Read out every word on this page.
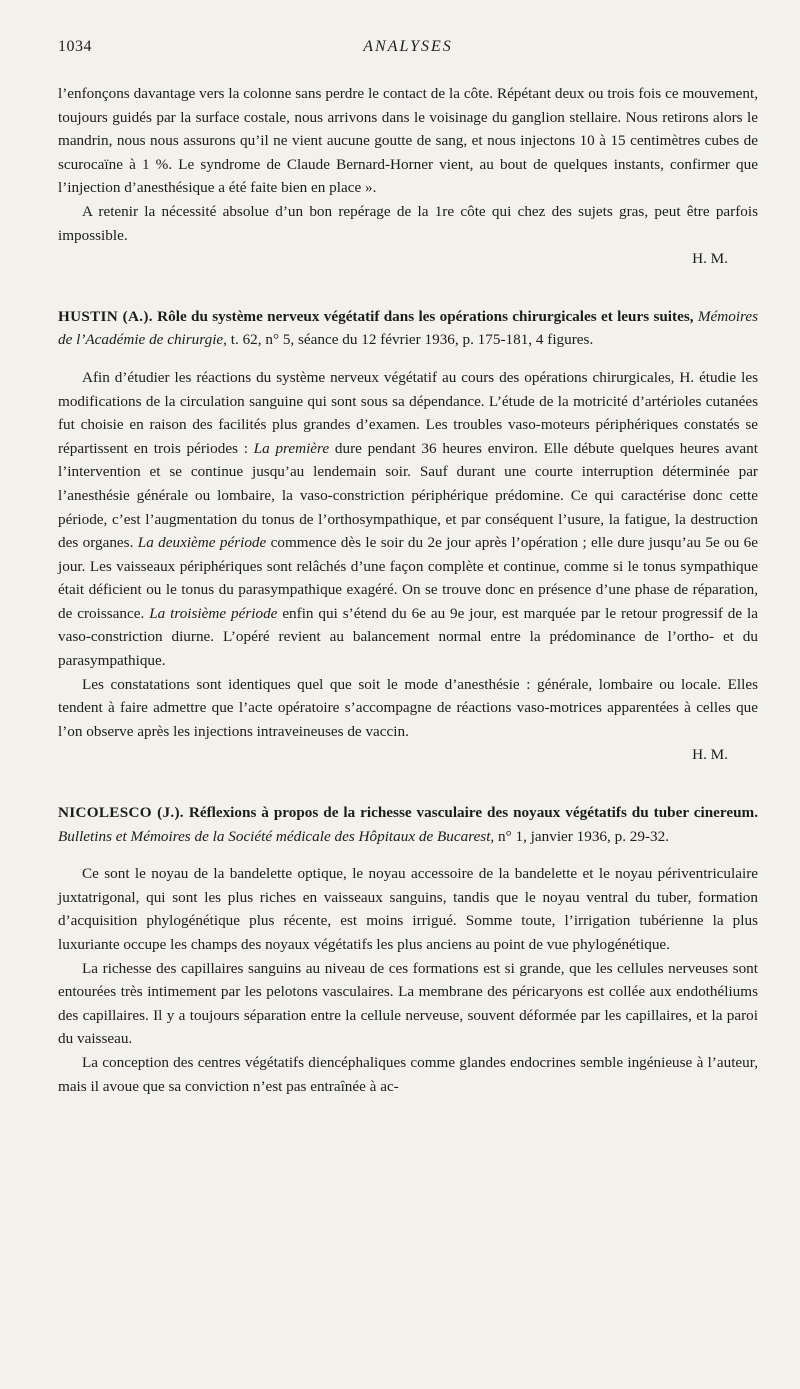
1034	ANALYSES

l’enfonçons davantage vers la colonne sans perdre le contact de la côte. Répétant deux ou trois fois ce mouvement, toujours guidés par la surface costale, nous arrivons dans le voisinage du ganglion stellaire. Nous retirons alors le mandrin, nous nous assurons qu’il ne vient aucune goutte de sang, et nous injectons 10 à 15 centimètres cubes de scurocaïne à 1 %. Le syndrome de Claude Bernard-Horner vient, au bout de quelques instants, confirmer que l’injection d’anesthésique a été faite bien en place ».

A retenir la nécessité absolue d’un bon repérage de la 1re côte qui chez des sujets gras, peut être parfois impossible.
H. M.

HUSTIN (A.). Rôle du système nerveux végétatif dans les opérations chirurgicales et leurs suites, Mémoires de l’Académie de chirurgie, t. 62, n° 5, séance du 12 février 1936, p. 175-181, 4 figures.

Afin d’étudier les réactions du système nerveux végétatif au cours des opérations chirurgicales, H. étudie les modifications de la circulation sanguine qui sont sous sa dépendance. L’étude de la motricité d’artérioles cutanées fut choisie en raison des facilités plus grandes d’examen. Les troubles vaso-moteurs périphériques constatés se répartissent en trois périodes : La première dure pendant 36 heures environ. Elle débute quelques heures avant l’intervention et se continue jusqu’au lendemain soir. Sauf durant une courte interruption déterminée par l’anesthésie générale ou lombaire, la vaso-constriction périphérique prédomine. Ce qui caractérise donc cette période, c’est l’augmentation du tonus de l’orthosympathique, et par conséquent l’usure, la fatigue, la destruction des organes. La deuxième période commence dès le soir du 2e jour après l’opération ; elle dure jusqu’au 5e ou 6e jour. Les vaisseaux périphériques sont relâchés d’une façon complète et continue, comme si le tonus sympathique était déficient ou le tonus du parasympathique exagéré. On se trouve donc en présence d’une phase de réparation, de croissance. La troisième période enfin qui s’étend du 6e au 9e jour, est marquée par le retour progressif de la vaso-constriction diurne. L’opéré revient au balancement normal entre la prédominance de l’ortho- et du parasympathique.

Les constatations sont identiques quel que soit le mode d’anesthésie : générale, lombaire ou locale. Elles tendent à faire admettre que l’acte opératoire s’accompagne de réactions vaso-motrices apparentées à celles que l’on observe après les injections intraveineuses de vaccin.
H. M.

NICOLESCO (J.). Réflexions à propos de la richesse vasculaire des noyaux végétatifs du tuber cinereum. Bulletins et Mémoires de la Société médicale des Hôpitaux de Bucarest, n° 1, janvier 1936, p. 29-32.

Ce sont le noyau de la bandelette optique, le noyau accessoire de la bandelette et le noyau périventriculaire juxtatrigonal, qui sont les plus riches en vaisseaux sanguins, tandis que le noyau ventral du tuber, formation d’acquisition phylogénétique plus récente, est moins irrigué. Somme toute, l’irrigation tubérienne la plus luxuriante occupe les champs des noyaux végétatifs les plus anciens au point de vue phylogénétique.

La richesse des capillaires sanguins au niveau de ces formations est si grande, que les cellules nerveuses sont entourées très intimement par les pelotons vasculaires. La membrane des péricaryons est collée aux endothéliums des capillaires. Il y a toujours séparation entre la cellule nerveuse, souvent déformée par les capillaires, et la paroi du vaisseau.

La conception des centres végétatifs diencéphaliques comme glandes endocrines semble ingénieuse à l’auteur, mais il avoue que sa conviction n’est pas entraînée à ac-
